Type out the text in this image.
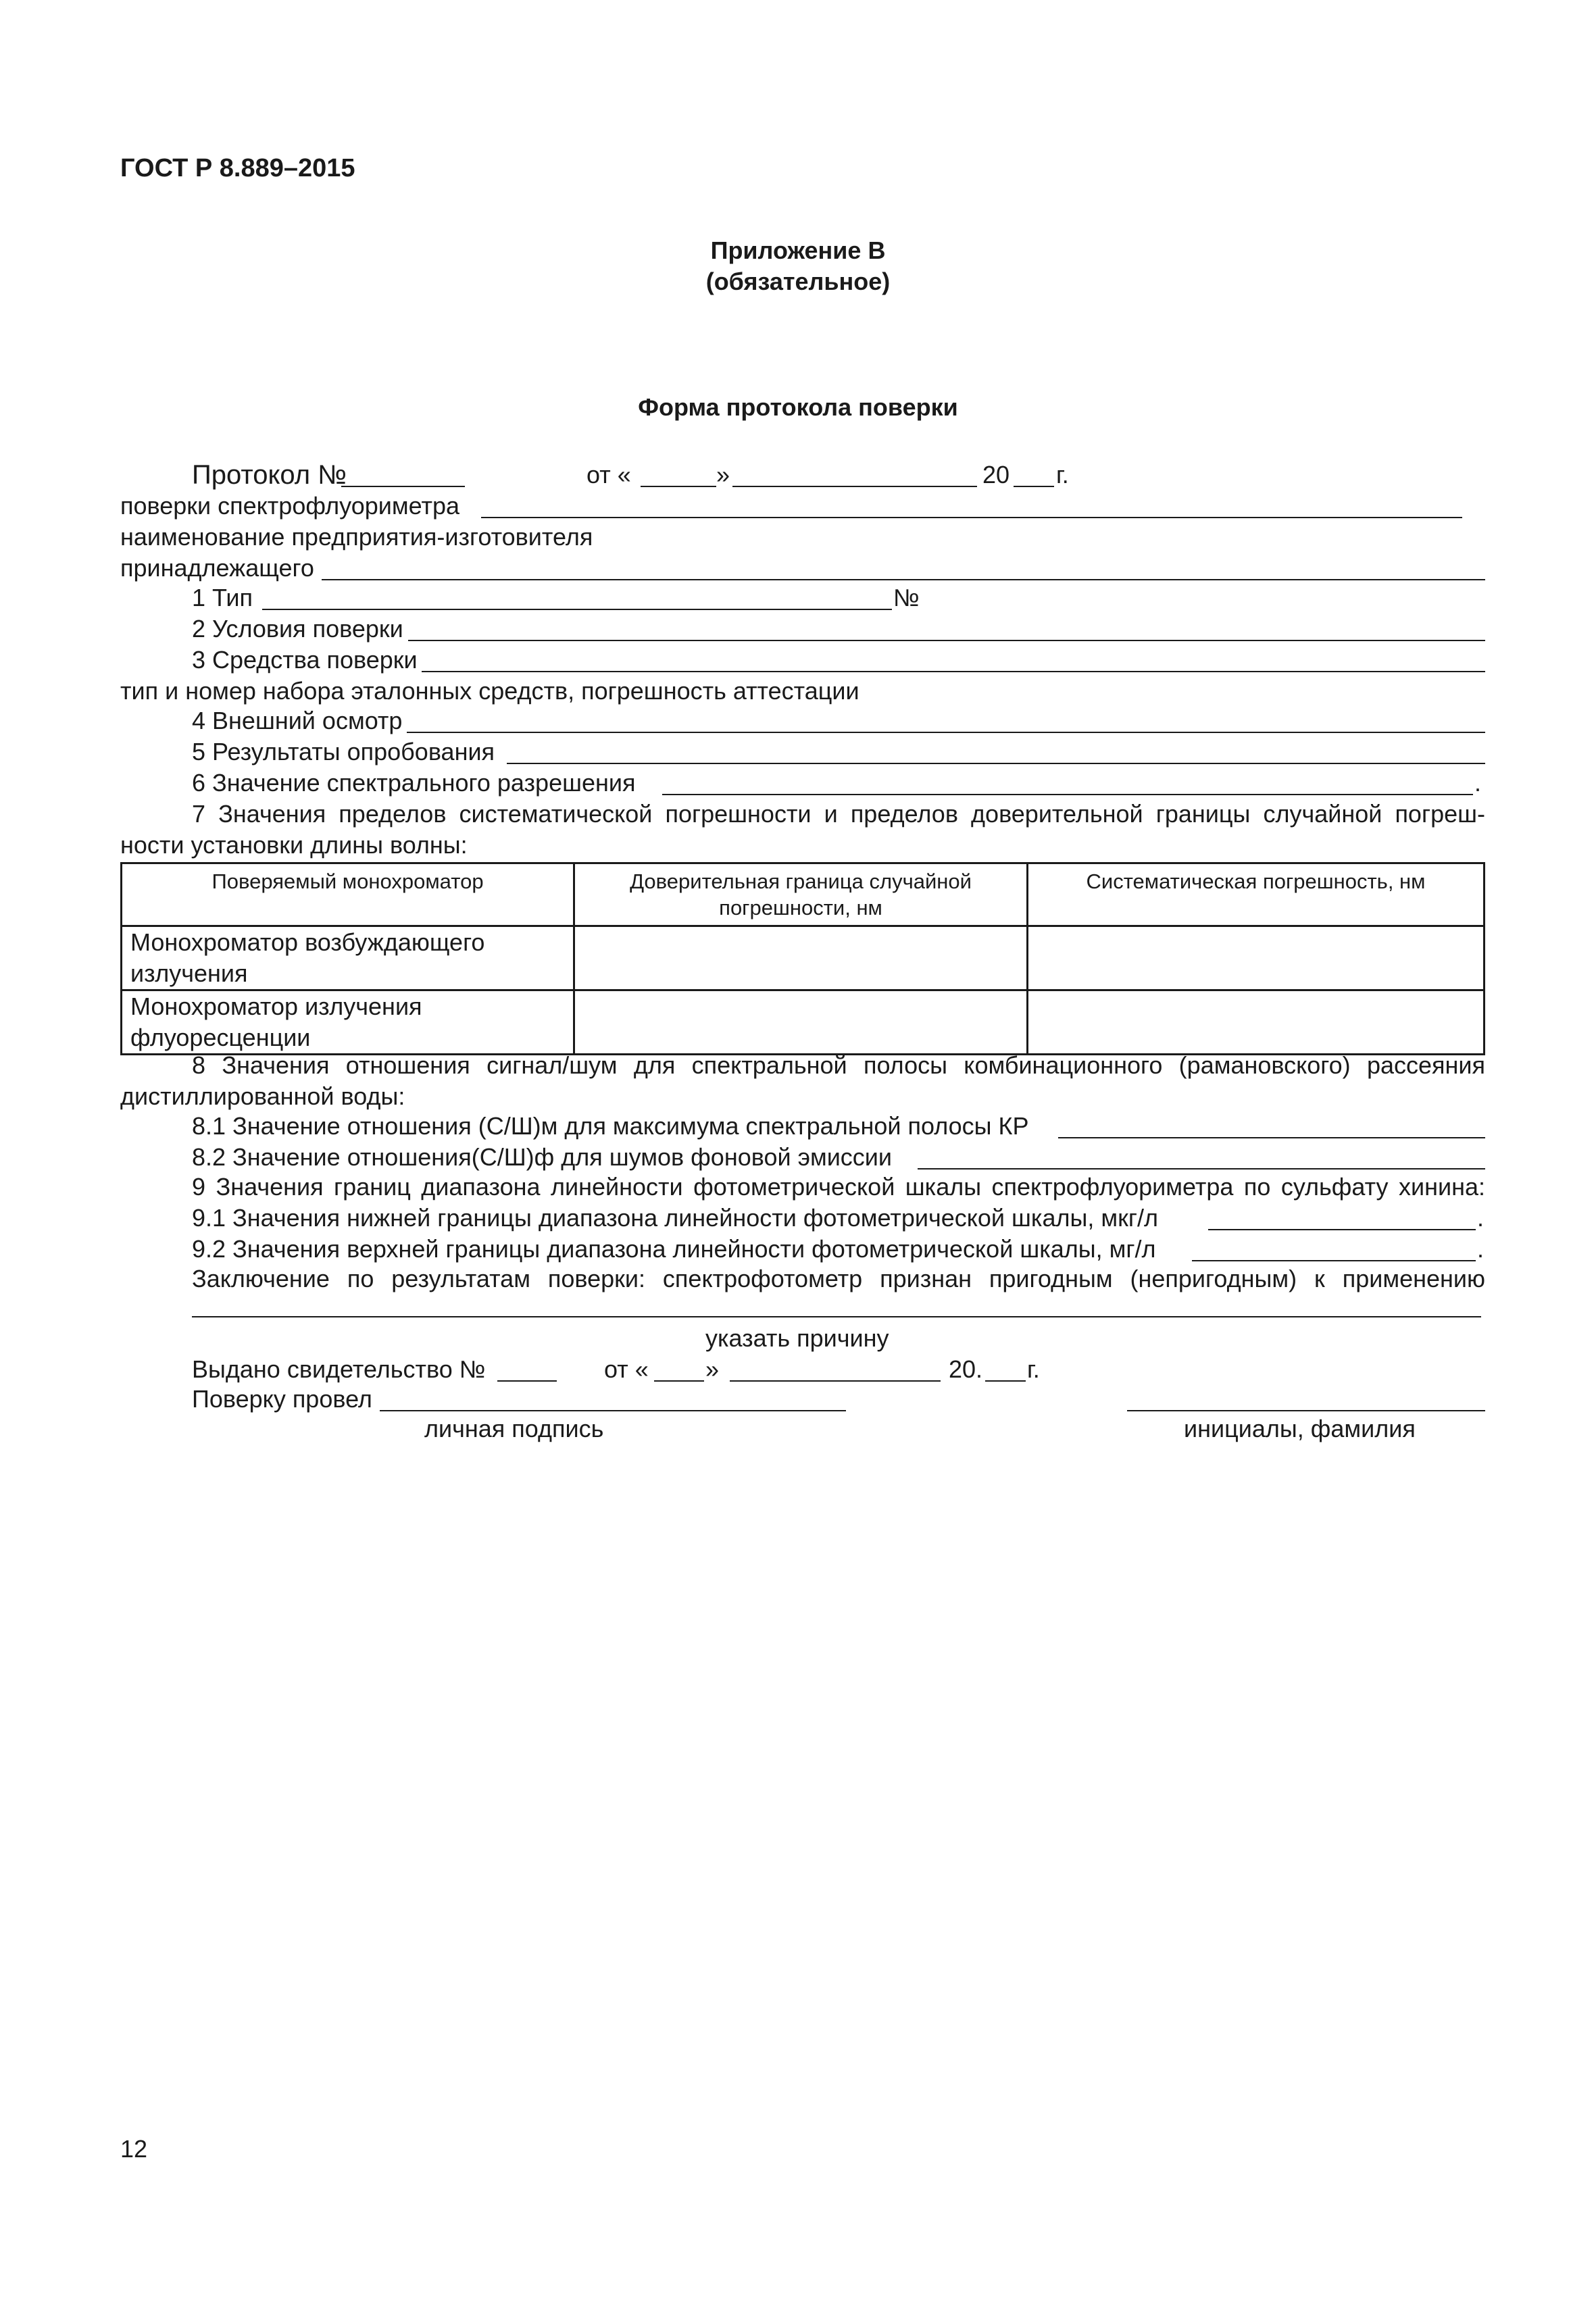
ГОСТ Р 8.889–2015
Приложение В
(обязательное)
Форма протокола поверки
Протокол №	от «	»	20 г.
поверки спектрофлуориметра
наименование предприятия-изготовителя
принадлежащего
1 Тип	№
2 Условия поверки
3 Средства поверки
тип и номер набора эталонных средств, погрешность аттестации
4 Внешний осмотр
5 Результаты опробования
6 Значение спектрального разрешения	.
7 Значения пределов систематической погрешности и пределов доверительной границы случайной погреш-
ности установки длины волны:
Поверяемый монохроматор	Доверительная граница случайной погрешности, нм	Систематическая погрешность, нм
Монохроматор возбуждающего излучения		
Монохроматор излучения флуоресценции		
8 Значения отношения сигнал/шум для спектральной полосы комбинационного (рамановского) рассеяния
дистиллированной воды:
8.1 Значение отношения (С/Ш)м для максимума спектральной полосы КР
8.2 Значение отношения(С/Ш)ф для шумов фоновой эмиссии
9 Значения границ диапазона линейности фотометрической шкалы спектрофлуориметра по сульфату хинина:
9.1 Значения нижней границы диапазона линейности фотометрической шкалы, мкг/л	.
9.2 Значения верхней границы диапазона линейности фотометрической шкалы, мг/л	.
Заключение по результатам поверки: спектрофотометр признан пригодным (непригодным) к применению
указать причину
Выдано свидетельство №	от « »	20. г.
Поверку провел
личная подпись	инициалы, фамилия
12
